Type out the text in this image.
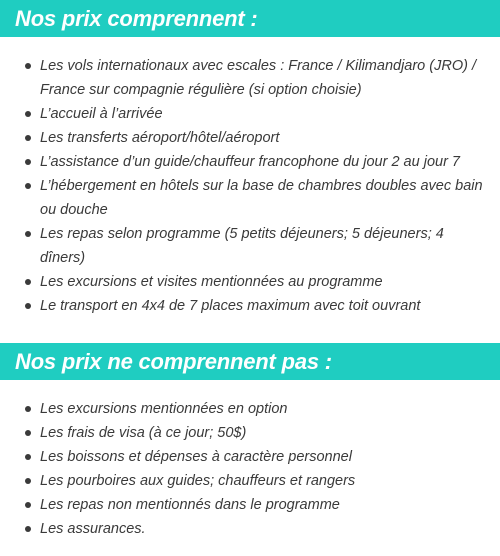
Nos prix comprennent :
Les vols internationaux avec escales : France / Kilimandjaro (JRO) / France sur compagnie régulière (si option choisie)
L’accueil à l’arrivée
Les transferts aéroport/hôtel/aéroport
L’assistance d’un guide/chauffeur francophone du jour 2 au jour 7
L’hébergement en hôtels sur la base de chambres doubles avec bain ou douche
Les repas selon programme (5 petits déjeuners; 5 déjeuners; 4 dîners)
Les excursions et visites mentionnées au programme
Le transport en 4x4 de 7 places maximum avec toit ouvrant
Nos prix ne comprennent pas :
Les excursions mentionnées en option
Les frais de visa (à ce jour; 50$)
Les boissons et dépenses à caractère personnel
Les pourboires aux guides; chauffeurs et rangers
Les repas non mentionnés dans le programme
Les assurances.
